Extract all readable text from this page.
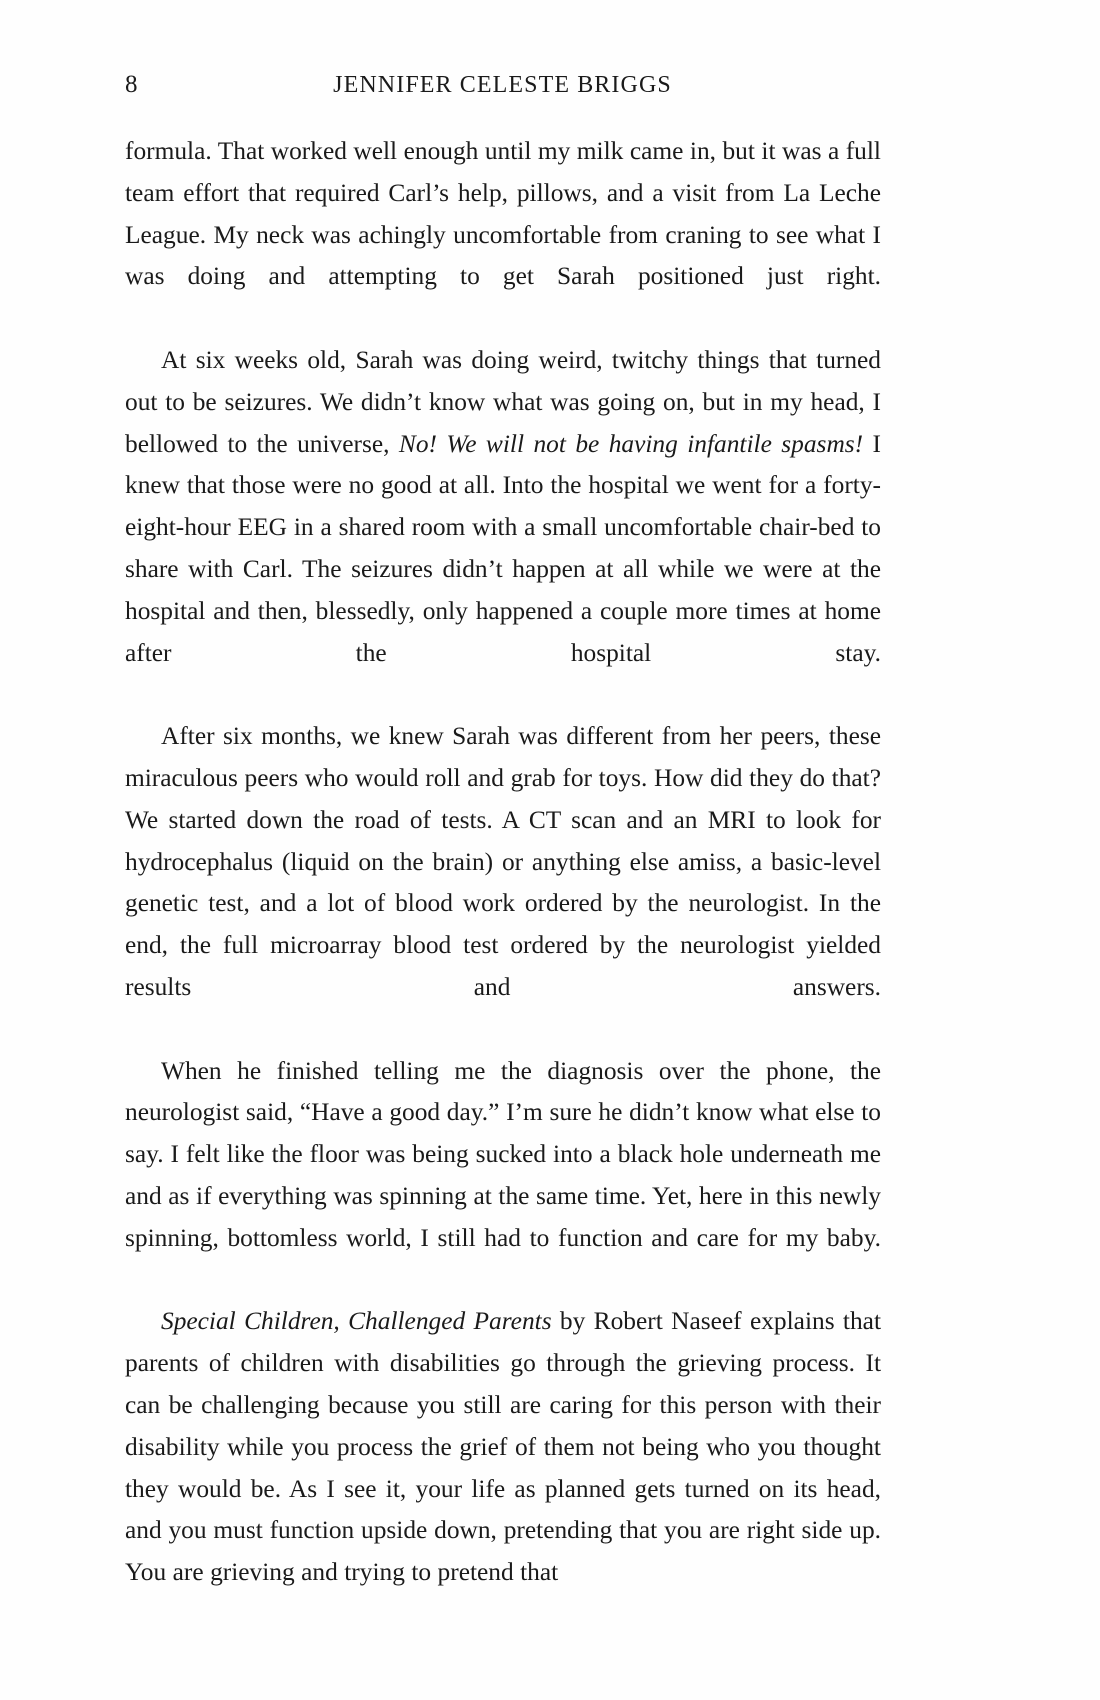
8	JENNIFER CELESTE BRIGGS

formula. That worked well enough until my milk came in, but it was a full team effort that required Carl’s help, pillows, and a visit from La Leche League. My neck was achingly uncomfortable from craning to see what I was doing and attempting to get Sarah positioned just right.

At six weeks old, Sarah was doing weird, twitchy things that turned out to be seizures. We didn’t know what was going on, but in my head, I bellowed to the universe, No! We will not be having infantile spasms! I knew that those were no good at all. Into the hospital we went for a forty-eight-hour EEG in a shared room with a small uncomfortable chair-bed to share with Carl. The seizures didn’t happen at all while we were at the hospital and then, blessedly, only happened a couple more times at home after the hospital stay.

After six months, we knew Sarah was different from her peers, these miraculous peers who would roll and grab for toys. How did they do that? We started down the road of tests. A CT scan and an MRI to look for hydrocephalus (liquid on the brain) or anything else amiss, a basic-level genetic test, and a lot of blood work ordered by the neurologist. In the end, the full microarray blood test ordered by the neurologist yielded results and answers.

When he finished telling me the diagnosis over the phone, the neurologist said, “Have a good day.” I’m sure he didn’t know what else to say. I felt like the floor was being sucked into a black hole underneath me and as if everything was spinning at the same time. Yet, here in this newly spinning, bottomless world, I still had to function and care for my baby.

Special Children, Challenged Parents by Robert Naseef explains that parents of children with disabilities go through the grieving process. It can be challenging because you still are caring for this person with their disability while you process the grief of them not being who you thought they would be. As I see it, your life as planned gets turned on its head, and you must function upside down, pretending that you are right side up. You are grieving and trying to pretend that
